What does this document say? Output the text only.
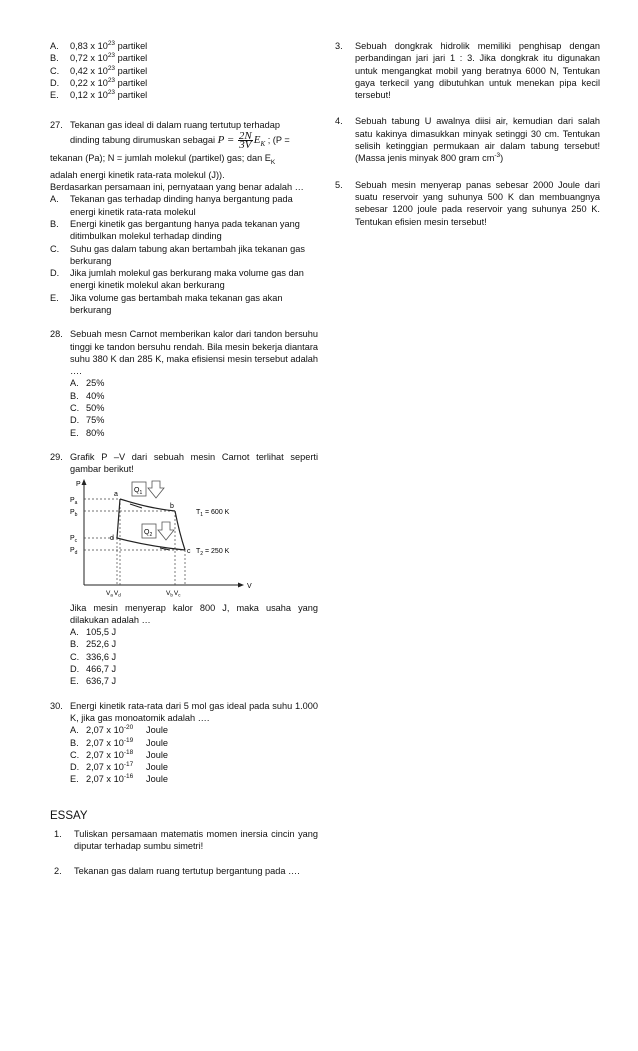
A.	0,83 x $10^{23}$ partikel
B.	0,72 x $10^{23}$ partikel
C.	0,42 x $10^{23}$ partikel
D.	0,22 x $10^{23}$ partikel
E.	0,12 x $10^{23}$ partikel
27. Tekanan gas ideal di dalam ruang tertutup terhadap
dinding tabung dirumuskan sebagai $P = \frac{2N}{3V} E_K$ ; (P =
tekanan (Pa); N = jumlah molekul (partikel) gas; dan $E_K$
adalah energi kinetik rata-rata molekul (J)).
Berdasarkan persamaan ini, pernyataan yang benar adalah …
A.	Tekanan gas terhadap dinding hanya bergantung pada energi kinetik rata-rata molekul
B.	Energi kinetik gas bergantung hanya pada tekanan yang ditimbulkan molekul terhadap dinding
C.	Suhu gas dalam tabung akan bertambah jika tekanan gas berkurang
D.	Jika jumlah molekul gas berkurang maka volume gas dan energi kinetik molekul akan berkurang
E.	Jika volume gas bertambah maka tekanan gas akan berkurang
28. Sebuah mesn Carnot memberikan kalor dari tandon bersuhu tinggi ke tandon bersuhu rendah. Bila mesin bekerja diantara suhu 380 K dan 285 K, maka efisiensi mesin tersebut adalah ….
A. 25%
B. 40%
C. 50%
D. 75%
E. 80%
29. Grafik P –V dari sebuah mesin Carnot terlihat seperti gambar berikut!
P
V
$Q_1$
$Q_2$
a
b
c
d
$P_a$
$P_b$
$P_c$
$P_d$
$T_1 = 600$ K
$T_2 = 250$ K
$V_aV_d$	$V_bV_c$
Jika mesin menyerap kalor 800 J, maka usaha yang dilakukan adalah …
A. 105,5 J
B. 252,6 J
C. 336,6 J
D. 466,7 J
E. 636,7 J
30. Energi kinetik rata-rata dari 5 mol gas ideal pada suhu 1.000 K, jika gas monoatomik adalah ….
A. 2,07 x $10^{-20}$ Joule
B. 2,07 x $10^{-19}$ Joule
C. 2,07 x $10^{-18}$ Joule
D. 2,07 x $10^{-17}$ Joule
E. 2,07 x $10^{-16}$ Joule
ESSAY
1.	Tuliskan persamaan matematis momen inersia cincin yang diputar terhadap sumbu simetri!
2.	Tekanan gas dalam ruang tertutup bergantung pada ….
3.	Sebuah dongkrak hidrolik memiliki penghisap dengan perbandingan jari jari 1 : 3. Jika dongkrak itu digunakan untuk mengangkat mobil yang beratnya 6000 N, Tentukan gaya terkecil yang dibutuhkan untuk menekan pipa kecil tersebut!
4.	Sebuah tabung U awalnya diisi air, kemudian dari salah satu kakinya dimasukkan minyak setinggi 30 cm. Tentukan selisih ketinggian permukaan air dalam tabung tersebut! (Massa jenis minyak 800 gram $cm^{-3}$)
5.	Sebuah mesin menyerap panas sebesar 2000 Joule dari suatu reservoir yang suhunya 500 K dan membuangnya sebesar 1200 joule pada reservoir yang suhunya 250 K. Tentukan efisien mesin tersebut!
